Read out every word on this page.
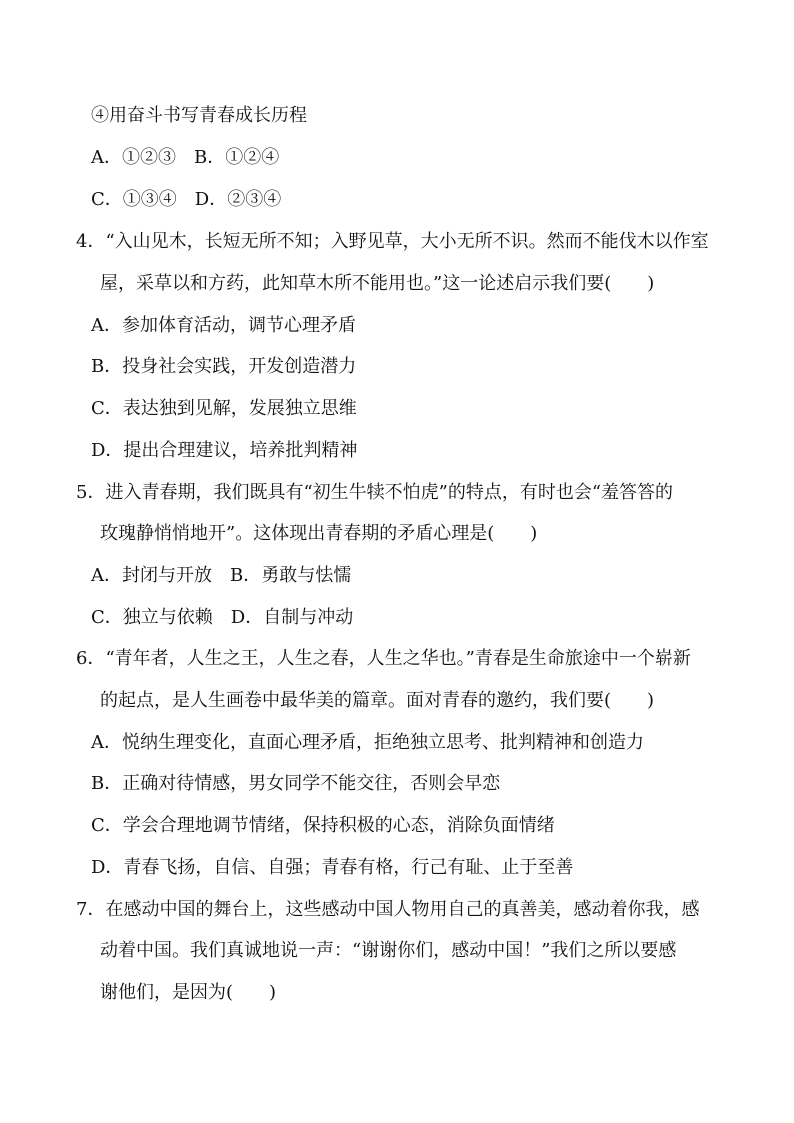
④用奋斗书写青春成长历程
A．①②③　B．①②④
C．①③④　D．②③④
4．“入山见木，长短无所不知；入野见草，大小无所不识。然而不能伐木以作室
屋，采草以和方药，此知草木所不能用也。”这一论述启示我们要(　　)
A．参加体育活动，调节心理矛盾
B．投身社会实践，开发创造潜力
C．表达独到见解，发展独立思维
D．提出合理建议，培养批判精神
5．进入青春期，我们既具有“初生牛犊不怕虎”的特点，有时也会“羞答答的
玫瑰静悄悄地开”。这体现出青春期的矛盾心理是(　　)
A．封闭与开放　B．勇敢与怯懦
C．独立与依赖　D．自制与冲动
6．“青年者，人生之王，人生之春，人生之华也。”青春是生命旅途中一个崭新
的起点，是人生画卷中最华美的篇章。面对青春的邀约，我们要(　　)
A．悦纳生理变化，直面心理矛盾，拒绝独立思考、批判精神和创造力
B．正确对待情感，男女同学不能交往，否则会早恋
C．学会合理地调节情绪，保持积极的心态，消除负面情绪
D．青春飞扬，自信、自强；青春有格，行己有耻、止于至善
7．在感动中国的舞台上，这些感动中国人物用自己的真善美，感动着你我，感
动着中国。我们真诚地说一声：“谢谢你们，感动中国！”我们之所以要感
谢他们，是因为(　　)
